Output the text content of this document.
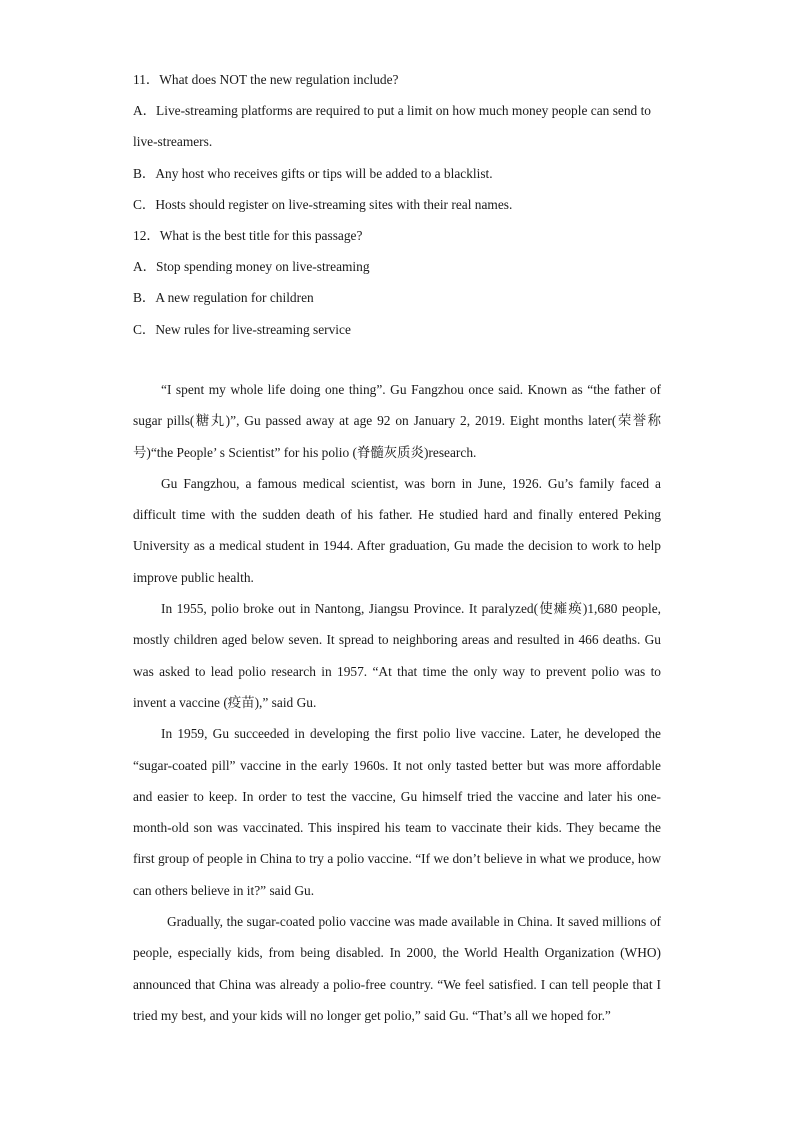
11．What does NOT the new regulation include?

A．Live-streaming platforms are required to put a limit on how much money people can send to live-streamers.

B．Any host who receives gifts or tips will be added to a blacklist.

C．Hosts should register on live-streaming sites with their real names.

12．What is the best title for this passage?

A．Stop spending money on live-streaming

B．A new regulation for children

C．New rules for live-streaming service

“I spent my whole life doing one thing”. Gu Fangzhou once said. Known as “the father of sugar pills(糖丸)”, Gu passed away at age 92 on January 2, 2019. Eight months later(荣誉称号)“the People’ s Scientist” for his polio (脊髓灰质炎)research.

Gu Fangzhou, a famous medical scientist, was born in June, 1926. Gu’s family faced a difficult time with the sudden death of his father. He studied hard and finally entered Peking University as a medical student in 1944. After graduation, Gu made the decision to work to help improve public health.

In 1955, polio broke out in Nantong, Jiangsu Province. It paralyzed(使瘫痪)1,680 people, mostly children aged below seven. It spread to neighboring areas and resulted in 466 deaths. Gu was asked to lead polio research in 1957. “At that time the only way to prevent polio was to invent a vaccine (疫苗),” said Gu.

In 1959, Gu succeeded in developing the first polio live vaccine. Later, he developed the “sugar-coated pill” vaccine in the early 1960s. It not only tasted better but was more affordable and easier to keep. In order to test the vaccine, Gu himself tried the vaccine and later his one-month-old son was vaccinated. This inspired his team to vaccinate their kids. They became the first group of people in China to try a polio vaccine. “If we don’t believe in what we produce, how can others believe in it?” said Gu.

Gradually, the sugar-coated polio vaccine was made available in China. It saved millions of people, especially kids, from being disabled. In 2000, the World Health Organization (WHO) announced that China was already a polio-free country. “We feel satisfied. I can tell people that I tried my best, and your kids will no longer get polio,” said Gu. “That’s all we hoped for.”
